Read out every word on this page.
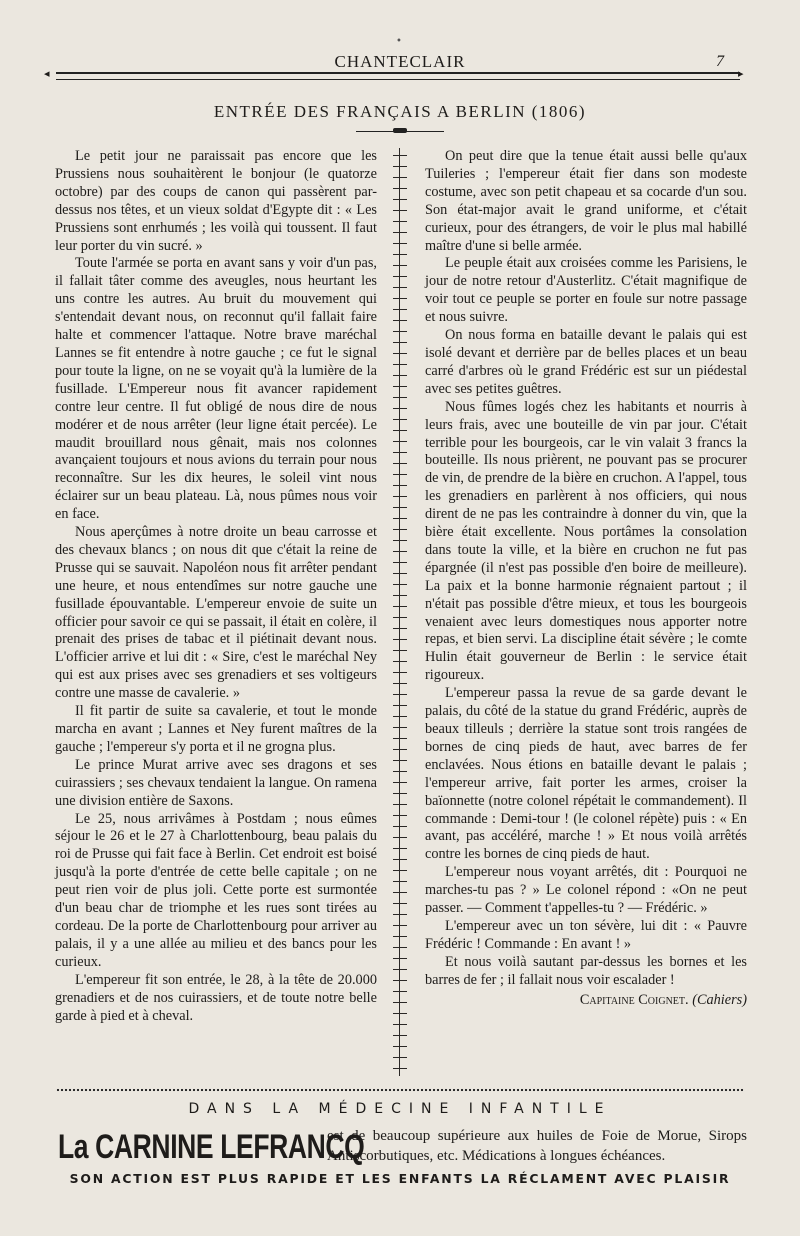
•
CHANTECLAIR	7
◂	▸
ENTRÉE DES FRANÇAIS A BERLIN (1806)

Le petit jour ne paraissait pas encore que les Prussiens nous souhaitèrent le bonjour (le quatorze octobre) par des coups de canon qui passèrent par-dessus nos têtes, et un vieux soldat d'Egypte dit : « Les Prussiens sont enrhumés ; les voilà qui toussent. Il faut leur porter du vin sucré. »

Toute l'armée se porta en avant sans y voir d'un pas, il fallait tâter comme des aveugles, nous heurtant les uns contre les autres. Au bruit du mouvement qui s'entendait devant nous, on reconnut qu'il fallait faire halte et commencer l'attaque. Notre brave maréchal Lannes se fit entendre à notre gauche ; ce fut le signal pour toute la ligne, on ne se voyait qu'à la lumière de la fusillade. L'Empereur nous fit avancer rapidement contre leur centre. Il fut obligé de nous dire de nous modérer et de nous arrêter (leur ligne était percée). Le maudit brouillard nous gênait, mais nos colonnes avançaient toujours et nous avions du terrain pour nous reconnaître. Sur les dix heures, le soleil vint nous éclairer sur un beau plateau. Là, nous pûmes nous voir en face.

Nous aperçûmes à notre droite un beau carrosse et des chevaux blancs ; on nous dit que c'était la reine de Prusse qui se sauvait. Napoléon nous fit arrêter pendant une heure, et nous entendîmes sur notre gauche une fusillade épouvantable. L'empereur envoie de suite un officier pour savoir ce qui se passait, il était en colère, il prenait des prises de tabac et il piétinait devant nous. L'officier arrive et lui dit : « Sire, c'est le maréchal Ney qui est aux prises avec ses grenadiers et ses voltigeurs contre une masse de cavalerie. »

Il fit partir de suite sa cavalerie, et tout le monde marcha en avant ; Lannes et Ney furent maîtres de la gauche ; l'empereur s'y porta et il ne grogna plus.

Le prince Murat arrive avec ses dragons et ses cuirassiers ; ses chevaux tendaient la langue. On ramena une division entière de Saxons.

Le 25, nous arrivâmes à Postdam ; nous eûmes séjour le 26 et le 27 à Charlottenbourg, beau palais du roi de Prusse qui fait face à Berlin. Cet endroit est boisé jusqu'à la porte d'entrée de cette belle capitale ; on ne peut rien voir de plus joli. Cette porte est surmontée d'un beau char de triomphe et les rues sont tirées au cordeau. De la porte de Charlottenbourg pour arriver au palais, il y a une allée au milieu et des bancs pour les curieux.

L'empereur fit son entrée, le 28, à la tête de 20.000 grenadiers et de nos cuirassiers, et de toute notre belle garde à pied et à cheval.

On peut dire que la tenue était aussi belle qu'aux Tuileries ; l'empereur était fier dans son modeste costume, avec son petit chapeau et sa cocarde d'un sou. Son état-major avait le grand uniforme, et c'était curieux, pour des étrangers, de voir le plus mal habillé maître d'une si belle armée.

Le peuple était aux croisées comme les Parisiens, le jour de notre retour d'Austerlitz. C'était magnifique de voir tout ce peuple se porter en foule sur notre passage et nous suivre.

On nous forma en bataille devant le palais qui est isolé devant et derrière par de belles places et un beau carré d'arbres où le grand Frédéric est sur un piédestal avec ses petites guêtres.

Nous fûmes logés chez les habitants et nourris à leurs frais, avec une bouteille de vin par jour. C'était terrible pour les bourgeois, car le vin valait 3 francs la bouteille. Ils nous prièrent, ne pouvant pas se procurer de vin, de prendre de la bière en cruchon. A l'appel, tous les grenadiers en parlèrent à nos officiers, qui nous dirent de ne pas les contraindre à donner du vin, que la bière était excellente. Nous portâmes la consolation dans toute la ville, et la bière en cruchon ne fut pas épargnée (il n'est pas possible d'en boire de meilleure). La paix et la bonne harmonie régnaient partout ; il n'était pas possible d'être mieux, et tous les bourgeois venaient avec leurs domestiques nous apporter notre repas, et bien servi. La discipline était sévère ; le comte Hulin était gouverneur de Berlin : le service était rigoureux.

L'empereur passa la revue de sa garde devant le palais, du côté de la statue du grand Frédéric, auprès de beaux tilleuls ; derrière la statue sont trois rangées de bornes de cinq pieds de haut, avec barres de fer enclavées. Nous étions en bataille devant le palais ; l'empereur arrive, fait porter les armes, croiser la baïonnette (notre colonel répétait le commandement). Il commande : Demi-tour ! (le colonel répète) puis : « En avant, pas accéléré, marche ! » Et nous voilà arrêtés contre les bornes de cinq pieds de haut.

L'empereur nous voyant arrêtés, dit : Pourquoi ne marches-tu pas ? » Le colonel répond : «On ne peut passer. — Comment t'appelles-tu ? — Frédéric. »

L'empereur avec un ton sévère, lui dit : « Pauvre Frédéric ! Commande : En avant ! »

Et nous voilà sautant par-dessus les bornes et les barres de fer ; il fallait nous voir escalader !

Capitaine Coignet. (Cahiers)

DANS LA MÉDECINE INFANTILE
La CARNINE LEFRANCQ
est de beaucoup supérieure aux huiles de Foie de Morue, Sirops Antiscorbutiques, etc. Médications à longues échéances.
SON ACTION EST PLUS RAPIDE ET LES ENFANTS LA RÉCLAMENT AVEC PLAISIR
